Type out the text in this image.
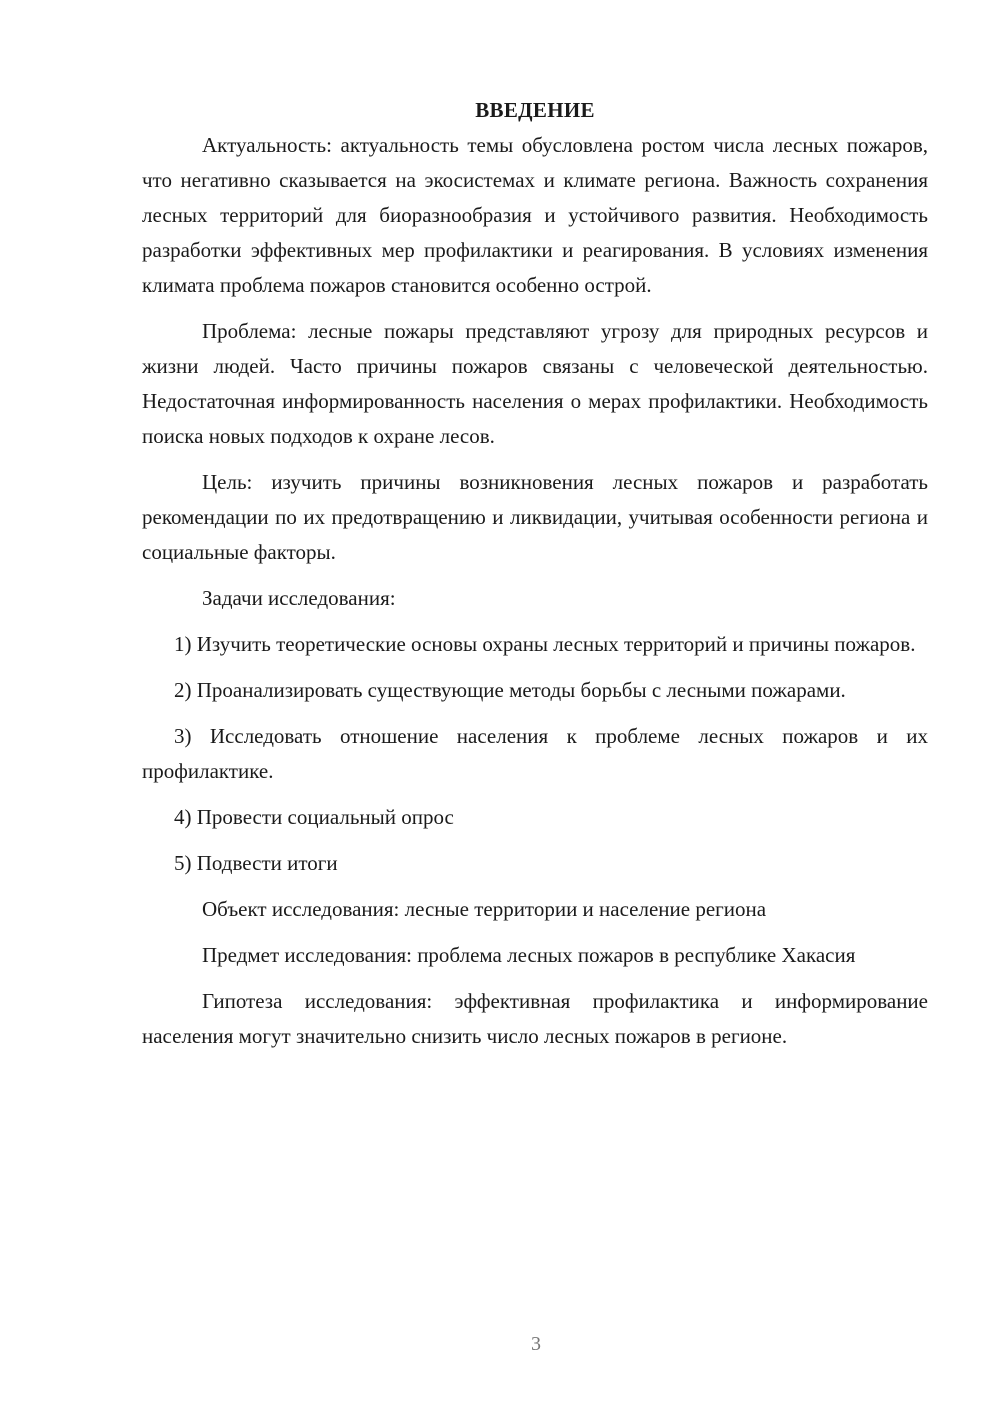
ВВЕДЕНИЕ

Актуальность: актуальность темы обусловлена ростом числа лесных пожаров, что негативно сказывается на экосистемах и климате региона. Важность сохранения лесных территорий для биоразнообразия и устойчивого развития. Необходимость разработки эффективных мер профилактики и реагирования. В условиях изменения климата проблема пожаров становится особенно острой.

Проблема: лесные пожары представляют угрозу для природных ресурсов и жизни людей. Часто причины пожаров связаны с человеческой деятельностью. Недостаточная информированность населения о мерах профилактики. Необходимость поиска новых подходов к охране лесов.

Цель: изучить причины возникновения лесных пожаров и разработать рекомендации по их предотвращению и ликвидации, учитывая особенности региона и социальные факторы.

Задачи исследования:

1) Изучить теоретические основы охраны лесных территорий и причины пожаров.

2) Проанализировать существующие методы борьбы с лесными пожарами.

3) Исследовать отношение населения к проблеме лесных пожаров и их профилактике.

4) Провести социальный опрос

5) Подвести итоги

Объект исследования: лесные территории и население региона

Предмет исследования: проблема лесных пожаров в республике Хакасия

Гипотеза исследования: эффективная профилактика и информирование населения могут значительно снизить число лесных пожаров в регионе.

3
